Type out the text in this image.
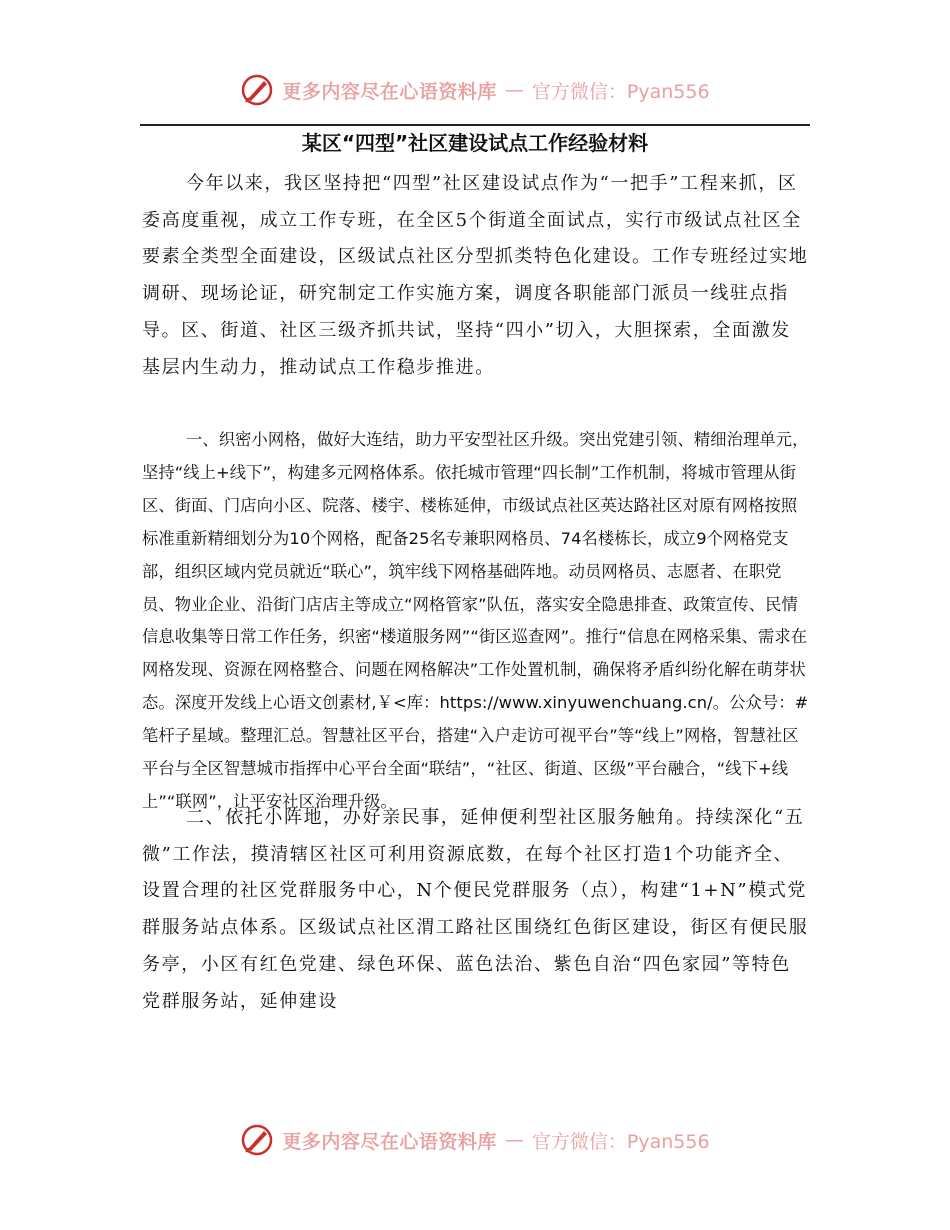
更多内容尽在心语资料库 — 官方微信：Pyan556
某区“四型”社区建设试点工作经验材料

今年以来，我区坚持把“四型”社区建设试点作为“一把手”工程来抓，区委高度重视，成立工作专班，在全区5个街道全面试点，实行市级试点社区全要素全类型全面建设，区级试点社区分型抓类特色化建设。工作专班经过实地调研、现场论证，研究制定工作实施方案，调度各职能部门派员一线驻点指导。区、街道、社区三级齐抓共试，坚持“四小”切入，大胆探索，全面激发基层内生动力，推动试点工作稳步推进。

一、织密小网格，做好大连结，助力平安型社区升级。突出党建引领、精细治理单元，坚持“线上+线下”，构建多元网格体系。依托城市管理“四长制”工作机制，将城市管理从街区、街面、门店向小区、院落、楼宇、楼栋延伸，市级试点社区英达路社区对原有网格按照标准重新精细划分为10个网格，配备25名专兼职网格员、74名楼栋长，成立9个网格党支部，组织区域内党员就近“联心”，筑牢线下网格基础阵地。动员网格员、志愿者、在职党员、物业企业、沿街门店店主等成立“网格管家”队伍，落实安全隐患排查、政策宣传、民情信息收集等日常工作任务，织密“楼道服务网”“街区巡查网”。推行“信息在网格采集、需求在网格发现、资源在网格整合、问题在网格解决”工作处置机制，确保将矛盾纠纷化解在萌芽状态。深度开发线上心语文创素材,￥<库：https://www.xinyuwenchuang.cn/。公众号：#笔杆子星域。整理汇总。智慧社区平台，搭建“入户走访可视平台”等“线上”网格，智慧社区平台与全区智慧城市指挥中心平台全面“联结”，“社区、街道、区级”平台融合，“线下+线上”“联网”，让平安社区治理升级。

二、依托小阵地，办好亲民事，延伸便利型社区服务触角。持续深化“五微”工作法，摸清辖区社区可利用资源底数，在每个社区打造1个功能齐全、设置合理的社区党群服务中心，N个便民党群服务（点），构建“1+N”模式党群服务站点体系。区级试点社区渭工路社区围绕红色街区建设，街区有便民服务亭，小区有红色党建、绿色环保、蓝色法治、紫色自治“四色家园”等特色党群服务站，延伸建设

更多内容尽在心语资料库 — 官方微信：Pyan556
